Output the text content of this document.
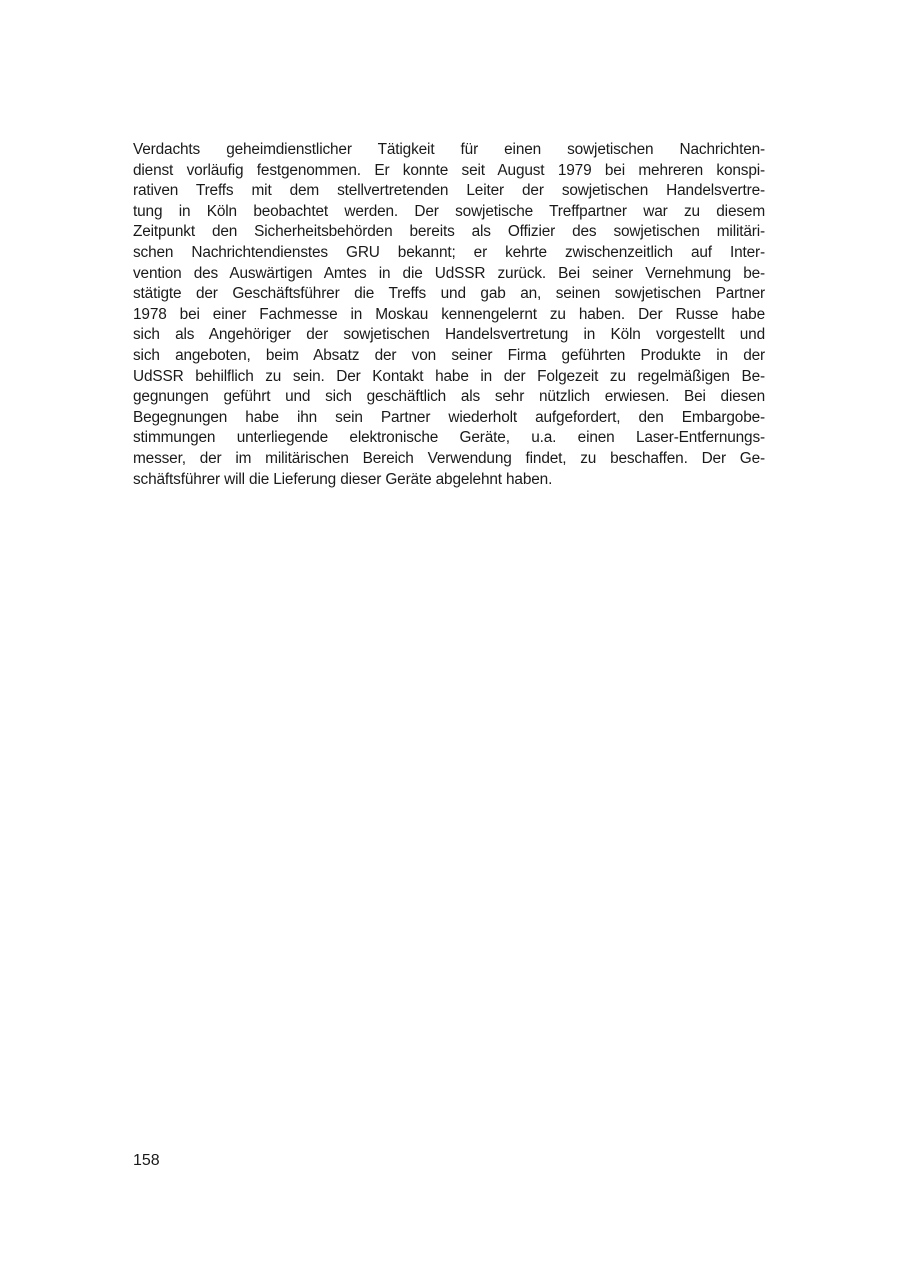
Verdachts geheimdienstlicher Tätigkeit für einen sowjetischen Nachrichten-
dienst vorläufig festgenommen. Er konnte seit August 1979 bei mehreren konspi-
rativen Treffs mit dem stellvertretenden Leiter der sowjetischen Handelsvertre-
tung in Köln beobachtet werden. Der sowjetische Treffpartner war zu diesem
Zeitpunkt den Sicherheitsbehörden bereits als Offizier des sowjetischen militäri-
schen Nachrichtendienstes GRU bekannt; er kehrte zwischenzeitlich auf Inter-
vention des Auswärtigen Amtes in die UdSSR zurück. Bei seiner Vernehmung be-
stätigte der Geschäftsführer die Treffs und gab an, seinen sowjetischen Partner
1978 bei einer Fachmesse in Moskau kennengelernt zu haben. Der Russe habe
sich als Angehöriger der sowjetischen Handelsvertretung in Köln vorgestellt und
sich angeboten, beim Absatz der von seiner Firma geführten Produkte in der
UdSSR behilflich zu sein. Der Kontakt habe in der Folgezeit zu regelmäßigen Be-
gegnungen geführt und sich geschäftlich als sehr nützlich erwiesen. Bei diesen
Begegnungen habe ihn sein Partner wiederholt aufgefordert, den Embargobe-
stimmungen unterliegende elektronische Geräte, u.a. einen Laser-Entfernungs-
messer, der im militärischen Bereich Verwendung findet, zu beschaffen. Der Ge-
schäftsführer will die Lieferung dieser Geräte abgelehnt haben.
158
